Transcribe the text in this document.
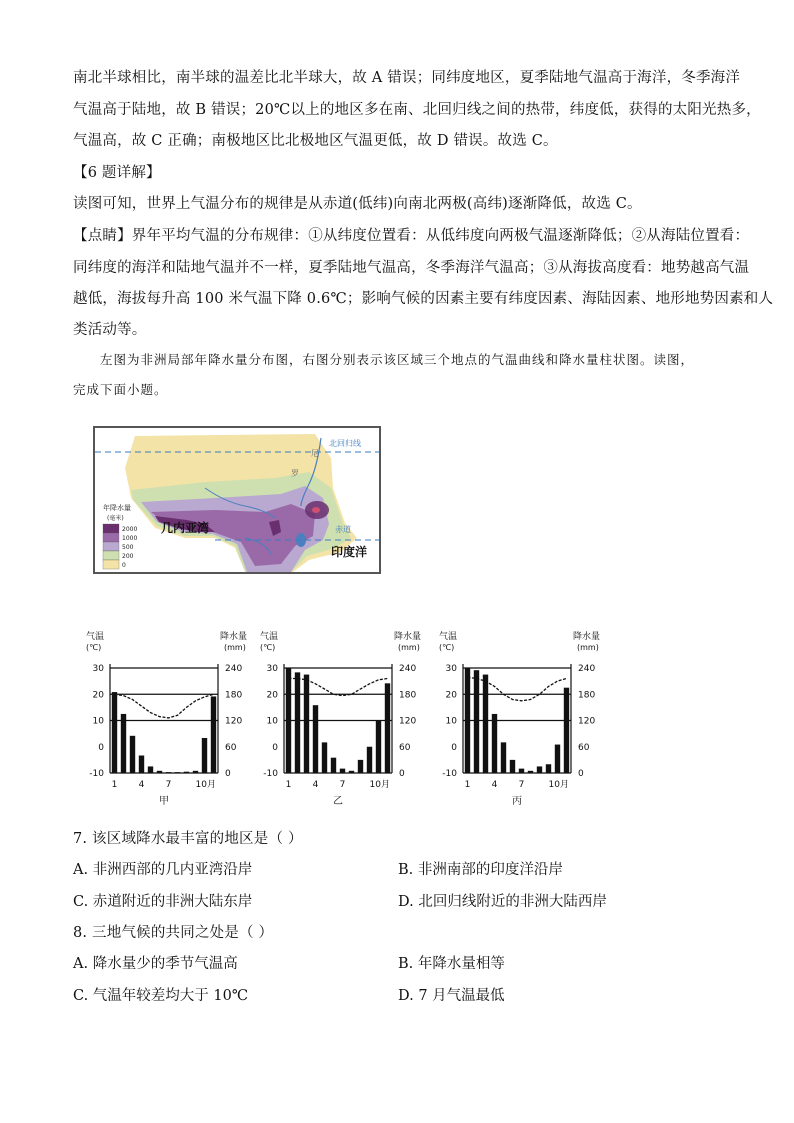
南北半球相比，南半球的温差比北半球大，故 A 错误；同纬度地区，夏季陆地气温高于海洋，冬季海洋
气温高于陆地，故 B 错误；20℃以上的地区多在南、北回归线之间的热带，纬度低，获得的太阳光热多，
气温高，故 C 正确；南极地区比北极地区气温更低，故 D 错误。故选 C。
【6 题详解】
读图可知，世界上气温分布的规律是从赤道(低纬)向南北两极(高纬)逐渐降低，故选 C。
【点睛】界年平均气温的分布规律：①从纬度位置看：从低纬度向两极气温逐渐降低；②从海陆位置看：
同纬度的海洋和陆地气温并不一样，夏季陆地气温高，冬季海洋气温高；③从海拔高度看：地势越高气温
越低，海拔每升高 100 米气温下降 0.6℃；影响气候的因素主要有纬度因素、海陆因素、地形地势因素和人
类活动等。
左图为非洲局部年降水量分布图，右图分别表示该区域三个地点的气温曲线和降水量柱状图。读图，
完成下面小题。
北回归线
赤道
尼
罗
年降水量
(毫米)
2000
1000
500
200
0
几内亚湾
印度洋
气温
(℃)
降水量
(mm)
30
20
10
0
-10
240
180
120
60
0
1 4 7	10月
甲
气温
(℃)
降水量
(mm)
30
20
10
0
-10
240
180
120
60
0
1 4 7	10月
乙
气温
(℃)
降水量
(mm)
30
20
10
0
-10
240
180
120
60
0
1 4 7	10月
丙
7. 该区域降水最丰富的地区是（ ）
A. 非洲西部的几内亚湾沿岸	B. 非洲南部的印度洋沿岸
C. 赤道附近的非洲大陆东岸	D. 北回归线附近的非洲大陆西岸
8. 三地气候的共同之处是（ ）
A. 降水量少的季节气温高	B. 年降水量相等
C. 气温年较差均大于 10℃	D. 7 月气温最低
